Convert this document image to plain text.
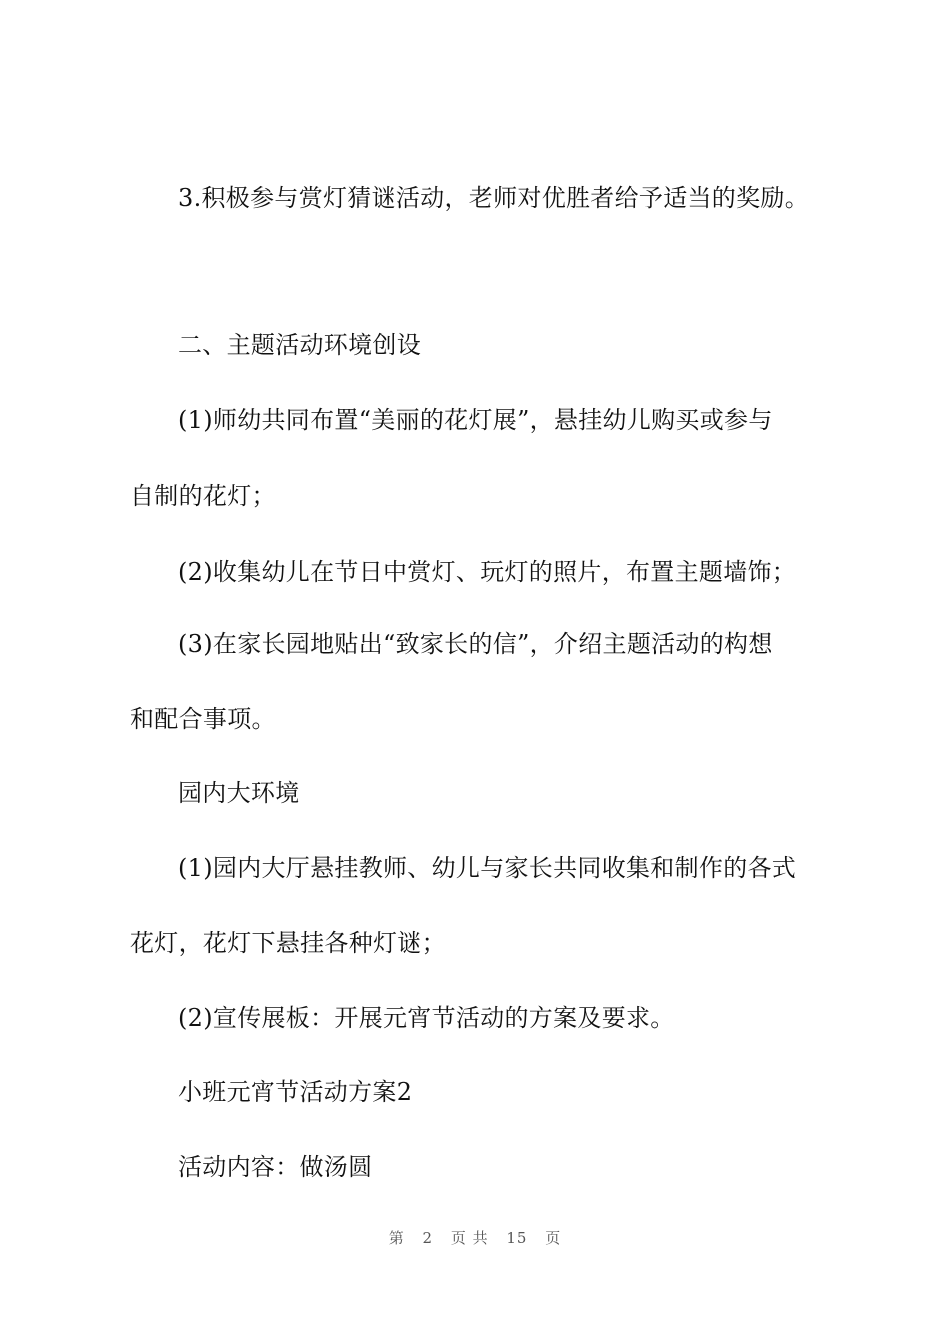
3.积极参与赏灯猜谜活动，老师对优胜者给予适当的奖励。
二、主题活动环境创设
(1)师幼共同布置“美丽的花灯展”，悬挂幼儿购买或参与
自制的花灯；
(2)收集幼儿在节日中赏灯、玩灯的照片，布置主题墙饰；
(3)在家长园地贴出“致家长的信”，介绍主题活动的构想
和配合事项。
园内大环境
(1)园内大厅悬挂教师、幼儿与家长共同收集和制作的各式
花灯，花灯下悬挂各种灯谜；
(2)宣传展板：开展元宵节活动的方案及要求。
小班元宵节活动方案2
活动内容：做汤圆
第 2 页 共 15 页
